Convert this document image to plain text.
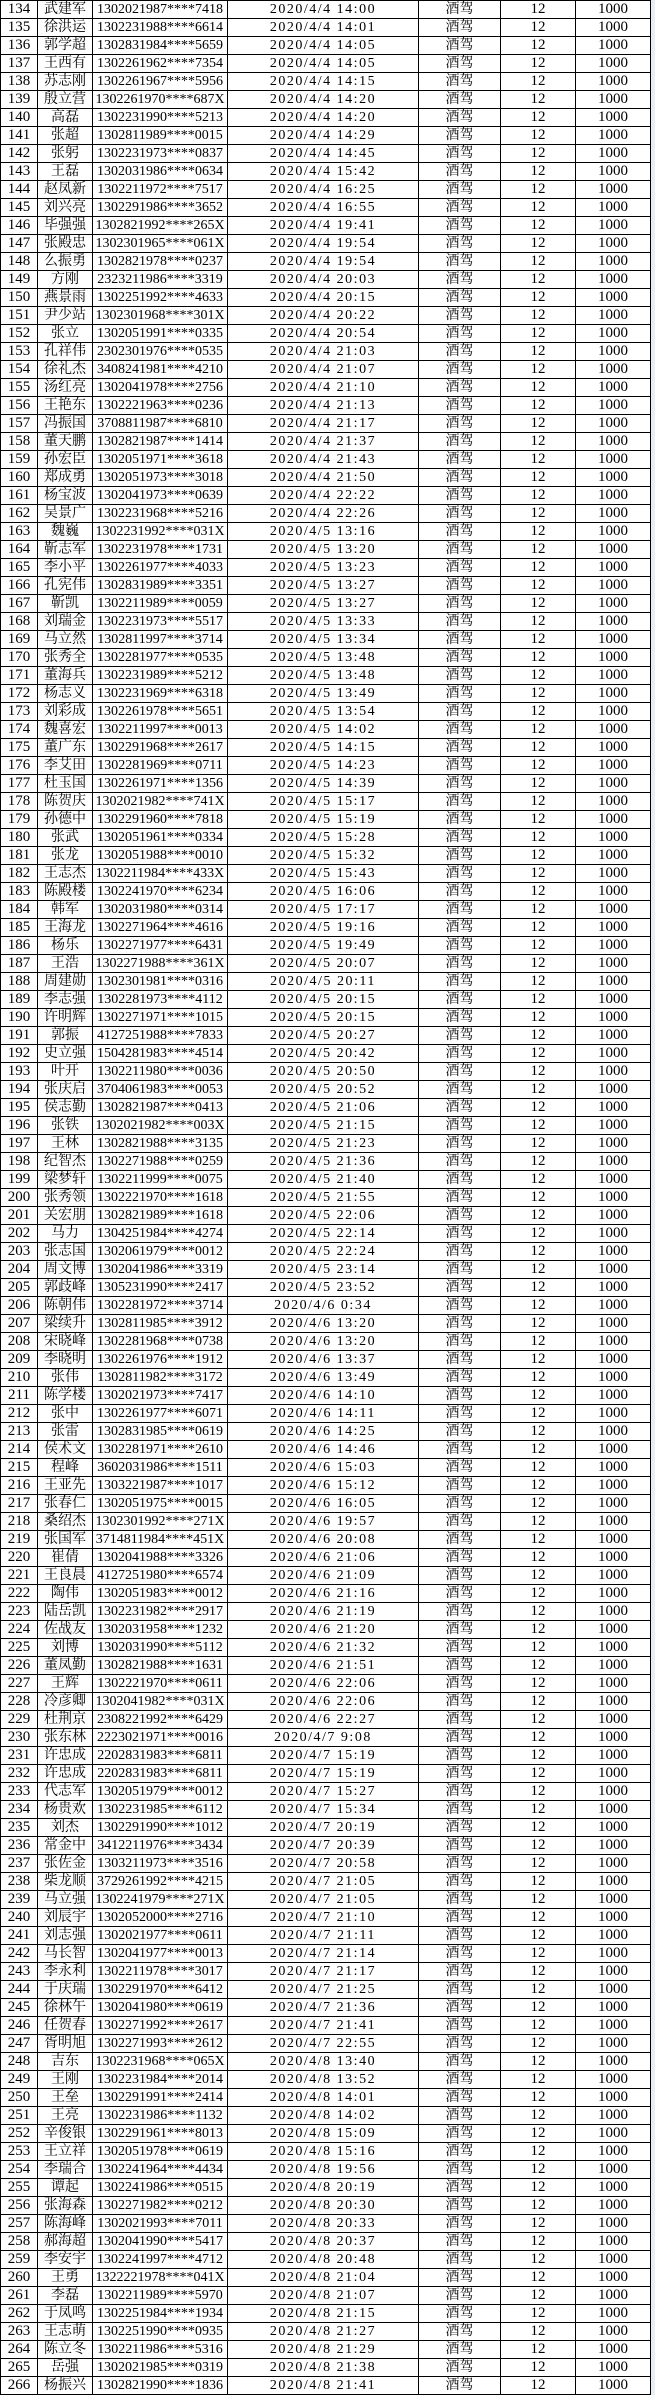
134	武建军	1302021987****7418	2020/4/4 14:00	酒驾	12	1000
135	徐洪运	1302231988****6614	2020/4/4 14:01	酒驾	12	1000
136	郭学超	1302831984****5659	2020/4/4 14:05	酒驾	12	1000
137	王西有	1302261962****7354	2020/4/4 14:05	酒驾	12	1000
138	苏志刚	1302261967****5956	2020/4/4 14:15	酒驾	12	1000
139	殷立营	1302261970****687X	2020/4/4 14:20	酒驾	12	1000
140	高磊	1302231990****5213	2020/4/4 14:20	酒驾	12	1000
141	张超	1302811989****0015	2020/4/4 14:29	酒驾	12	1000
142	张躬	1302231973****0837	2020/4/4 14:45	酒驾	12	1000
143	王磊	1302031986****0634	2020/4/4 15:42	酒驾	12	1000
144	赵凤新	1302211972****7517	2020/4/4 16:25	酒驾	12	1000
145	刘兴亮	1302291986****3652	2020/4/4 16:55	酒驾	12	1000
146	毕强强	1302821992****265X	2020/4/4 19:41	酒驾	12	1000
147	张殿忠	1302301965****061X	2020/4/4 19:54	酒驾	12	1000
148	么振勇	1302821978****0237	2020/4/4 19:54	酒驾	12	1000
149	方刚	2323211986****3319	2020/4/4 20:03	酒驾	12	1000
150	燕景雨	1302251992****4633	2020/4/4 20:15	酒驾	12	1000
151	尹少站	1302301968****301X	2020/4/4 20:22	酒驾	12	1000
152	张立	1302051991****0335	2020/4/4 20:54	酒驾	12	1000
153	孔祥伟	2302301976****0535	2020/4/4 21:03	酒驾	12	1000
154	徐礼杰	3408241981****4210	2020/4/4 21:07	酒驾	12	1000
155	汤红亮	1302041978****2756	2020/4/4 21:10	酒驾	12	1000
156	王艳东	1302221963****0236	2020/4/4 21:13	酒驾	12	1000
157	冯振国	3708811987****6810	2020/4/4 21:17	酒驾	12	1000
158	董天鹏	1302821987****1414	2020/4/4 21:37	酒驾	12	1000
159	孙宏臣	1302051971****3618	2020/4/4 21:43	酒驾	12	1000
160	郑成勇	1302051973****3018	2020/4/4 21:50	酒驾	12	1000
161	杨宝波	1302041973****0639	2020/4/4 22:22	酒驾	12	1000
162	吴景广	1302231968****5216	2020/4/4 22:26	酒驾	12	1000
163	魏巍	1302231992****031X	2020/4/5 13:16	酒驾	12	1000
164	靳志军	1302231978****1731	2020/4/5 13:20	酒驾	12	1000
165	李小平	1302261977****4033	2020/4/5 13:23	酒驾	12	1000
166	孔宪伟	1302831989****3351	2020/4/5 13:27	酒驾	12	1000
167	靳凯	1302211989****0059	2020/4/5 13:27	酒驾	12	1000
168	刘瑞金	1302231973****5517	2020/4/5 13:33	酒驾	12	1000
169	马立然	1302811997****3714	2020/4/5 13:34	酒驾	12	1000
170	张秀全	1302281977****0535	2020/4/5 13:48	酒驾	12	1000
171	董海兵	1302231989****5212	2020/4/5 13:48	酒驾	12	1000
172	杨志义	1302231969****6318	2020/4/5 13:49	酒驾	12	1000
173	刘彩成	1302261978****5651	2020/4/5 13:54	酒驾	12	1000
174	魏喜宏	1302211997****0013	2020/4/5 14:02	酒驾	12	1000
175	董广东	1302291968****2617	2020/4/5 14:15	酒驾	12	1000
176	李艾田	1302281969****0711	2020/4/5 14:23	酒驾	12	1000
177	杜玉国	1302261971****1356	2020/4/5 14:39	酒驾	12	1000
178	陈贺庆	1302021982****741X	2020/4/5 15:17	酒驾	12	1000
179	孙德中	1302291960****7818	2020/4/5 15:19	酒驾	12	1000
180	张武	1302051961****0334	2020/4/5 15:28	酒驾	12	1000
181	张龙	1302051988****0010	2020/4/5 15:32	酒驾	12	1000
182	王志杰	1302211984****433X	2020/4/5 15:43	酒驾	12	1000
183	陈殿楼	1302241970****6234	2020/4/5 16:06	酒驾	12	1000
184	韩军	1302031980****0314	2020/4/5 17:17	酒驾	12	1000
185	王海龙	1302271964****4616	2020/4/5 19:16	酒驾	12	1000
186	杨乐	1302271977****6431	2020/4/5 19:49	酒驾	12	1000
187	王浩	1302271988****361X	2020/4/5 20:07	酒驾	12	1000
188	周建勋	1302301981****0316	2020/4/5 20:11	酒驾	12	1000
189	李志强	1302281973****4112	2020/4/5 20:15	酒驾	12	1000
190	许明辉	1302271971****1015	2020/4/5 20:15	酒驾	12	1000
191	郭振	4127251988****7833	2020/4/5 20:27	酒驾	12	1000
192	史立强	1504281983****4514	2020/4/5 20:42	酒驾	12	1000
193	叶开	1302211980****0036	2020/4/5 20:50	酒驾	12	1000
194	张庆启	3704061983****0053	2020/4/5 20:52	酒驾	12	1000
195	侯志勤	1302821987****0413	2020/4/5 21:06	酒驾	12	1000
196	张铁	1302021982****003X	2020/4/5 21:15	酒驾	12	1000
197	王林	1302821988****3135	2020/4/5 21:23	酒驾	12	1000
198	纪智杰	1302271988****0259	2020/4/5 21:36	酒驾	12	1000
199	梁梦轩	1302211999****0075	2020/4/5 21:40	酒驾	12	1000
200	张秀领	1302221970****1618	2020/4/5 21:55	酒驾	12	1000
201	关宏朋	1302821989****1618	2020/4/5 22:06	酒驾	12	1000
202	马力	1304251984****4274	2020/4/5 22:14	酒驾	12	1000
203	张志国	1302061979****0012	2020/4/5 22:24	酒驾	12	1000
204	周文博	1302041986****3319	2020/4/5 23:14	酒驾	12	1000
205	郭歧峰	1305231990****2417	2020/4/5 23:52	酒驾	12	1000
206	陈朝伟	1302281972****3714	2020/4/6 0:34	酒驾	12	1000
207	梁续升	1302811985****3912	2020/4/6 13:20	酒驾	12	1000
208	宋晓峰	1302281968****0738	2020/4/6 13:20	酒驾	12	1000
209	李晓明	1302261976****1912	2020/4/6 13:37	酒驾	12	1000
210	张伟	1302811982****3172	2020/4/6 13:49	酒驾	12	1000
211	陈学楼	1302021973****7417	2020/4/6 14:10	酒驾	12	1000
212	张中	1302261977****6071	2020/4/6 14:11	酒驾	12	1000
213	张雷	1302831985****0619	2020/4/6 14:25	酒驾	12	1000
214	侯术文	1302281971****2610	2020/4/6 14:46	酒驾	12	1000
215	程峰	3602031986****1511	2020/4/6 15:03	酒驾	12	1000
216	王亚先	1303221987****1017	2020/4/6 15:12	酒驾	12	1000
217	张春仁	1302051975****0015	2020/4/6 16:05	酒驾	12	1000
218	桑绍杰	1302301992****271X	2020/4/6 19:57	酒驾	12	1000
219	张国军	3714811984****451X	2020/4/6 20:08	酒驾	12	1000
220	崔倩	1302041988****3326	2020/4/6 21:06	酒驾	12	1000
221	王良晨	4127251980****6574	2020/4/6 21:09	酒驾	12	1000
222	陶伟	1302051983****0012	2020/4/6 21:16	酒驾	12	1000
223	陆岳凯	1302231982****2917	2020/4/6 21:19	酒驾	12	1000
224	佐战友	1302031958****1232	2020/4/6 21:20	酒驾	12	1000
225	刘博	1302031990****5112	2020/4/6 21:32	酒驾	12	1000
226	董凤勤	1302821988****1631	2020/4/6 21:51	酒驾	12	1000
227	王辉	1302221970****0611	2020/4/6 22:06	酒驾	12	1000
228	冷彦卿	1302041982****031X	2020/4/6 22:06	酒驾	12	1000
229	杜荆京	2308221992****6429	2020/4/6 22:27	酒驾	12	1000
230	张东林	2223021971****0016	2020/4/7 9:08	酒驾	12	1000
231	许忠成	2202831983****6811	2020/4/7 15:19	酒驾	12	1000
232	许忠成	2202831983****6811	2020/4/7 15:19	酒驾	12	1000
233	代志军	1302051979****0012	2020/4/7 15:27	酒驾	12	1000
234	杨贵欢	1302231985****6112	2020/4/7 15:34	酒驾	12	1000
235	刘杰	1302291990****1012	2020/4/7 20:19	酒驾	12	1000
236	常金中	3412211976****3434	2020/4/7 20:39	酒驾	12	1000
237	张佐金	1303211973****3516	2020/4/7 20:58	酒驾	12	1000
238	柴龙顺	3729261992****4215	2020/4/7 21:05	酒驾	12	1000
239	马立强	1302241979****271X	2020/4/7 21:05	酒驾	12	1000
240	刘辰宇	1302052000****2716	2020/4/7 21:10	酒驾	12	1000
241	刘志强	1302021977****0611	2020/4/7 21:11	酒驾	12	1000
242	马长智	1302041977****0013	2020/4/7 21:14	酒驾	12	1000
243	李永利	1302211978****3017	2020/4/7 21:17	酒驾	12	1000
244	于庆瑞	1302291970****6412	2020/4/7 21:25	酒驾	12	1000
245	徐林午	1302041980****0619	2020/4/7 21:36	酒驾	12	1000
246	任贺春	1302271992****2617	2020/4/7 21:41	酒驾	12	1000
247	胥明旭	1302271993****2612	2020/4/7 22:55	酒驾	12	1000
248	吉东	1302231968****065X	2020/4/8 13:40	酒驾	12	1000
249	王刚	1302231984****2014	2020/4/8 13:52	酒驾	12	1000
250	王垒	1302291991****2414	2020/4/8 14:01	酒驾	12	1000
251	王亮	1302231986****1132	2020/4/8 14:02	酒驾	12	1000
252	辛俊银	1302291961****8013	2020/4/8 15:09	酒驾	12	1000
253	王立祥	1302051978****0619	2020/4/8 15:16	酒驾	12	1000
254	李瑞合	1302241964****4434	2020/4/8 19:56	酒驾	12	1000
255	谭起	1302241986****0515	2020/4/8 20:19	酒驾	12	1000
256	张海森	1302271982****0212	2020/4/8 20:30	酒驾	12	1000
257	陈海峰	1302021993****7011	2020/4/8 20:33	酒驾	12	1000
258	郝海超	1302041990****5417	2020/4/8 20:37	酒驾	12	1000
259	李安宇	1302241997****4712	2020/4/8 20:48	酒驾	12	1000
260	王勇	1322221978****041X	2020/4/8 21:04	酒驾	12	1000
261	李磊	1302211989****5970	2020/4/8 21:07	酒驾	12	1000
262	于凤鸣	1302251984****1934	2020/4/8 21:15	酒驾	12	1000
263	王志萌	1302251990****0935	2020/4/8 21:27	酒驾	12	1000
264	陈立冬	1302211986****5316	2020/4/8 21:29	酒驾	12	1000
265	岳强	1302021985****0319	2020/4/8 21:38	酒驾	12	1000
266	杨振兴	1302821990****1836	2020/4/8 21:41	酒驾	12	1000
